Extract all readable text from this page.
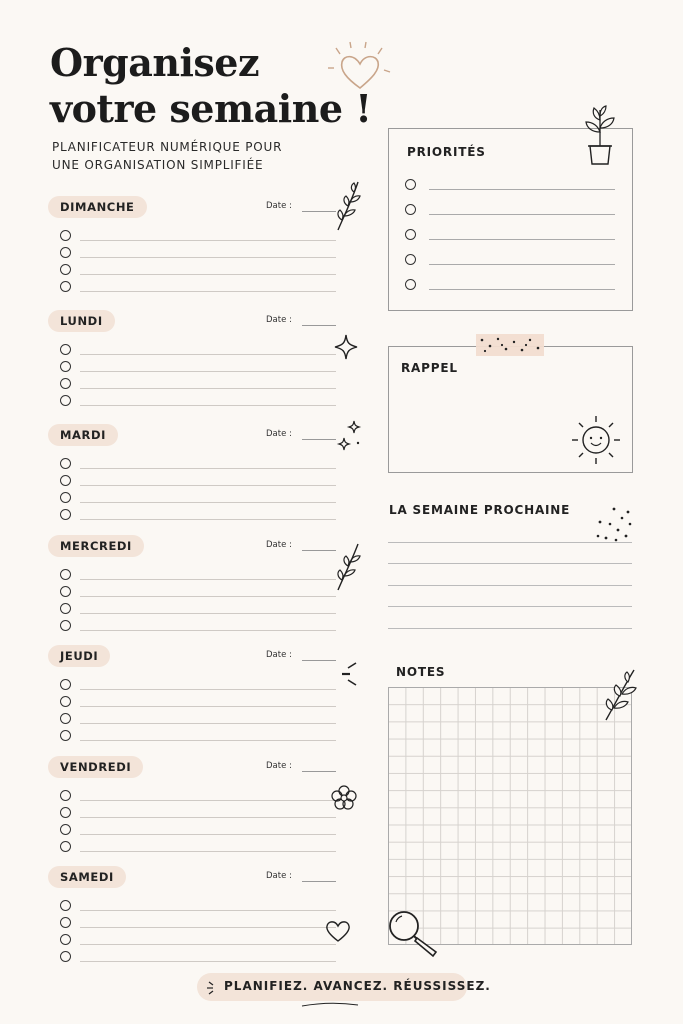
Organisez
votre semaine !
PLANIFICATEUR NUMÉRIQUE POUR
UNE ORGANISATION SIMPLIFIÉE
DIMANCHE	Date :
LUNDI	Date :
MARDI	Date :
MERCREDI	Date :
JEUDI	Date :
VENDREDI	Date :
SAMEDI	Date :
PRIORITÉS
RAPPEL
LA SEMAINE PROCHAINE
NOTES
PLANIFIEZ. AVANCEZ. RÉUSSISSEZ.
